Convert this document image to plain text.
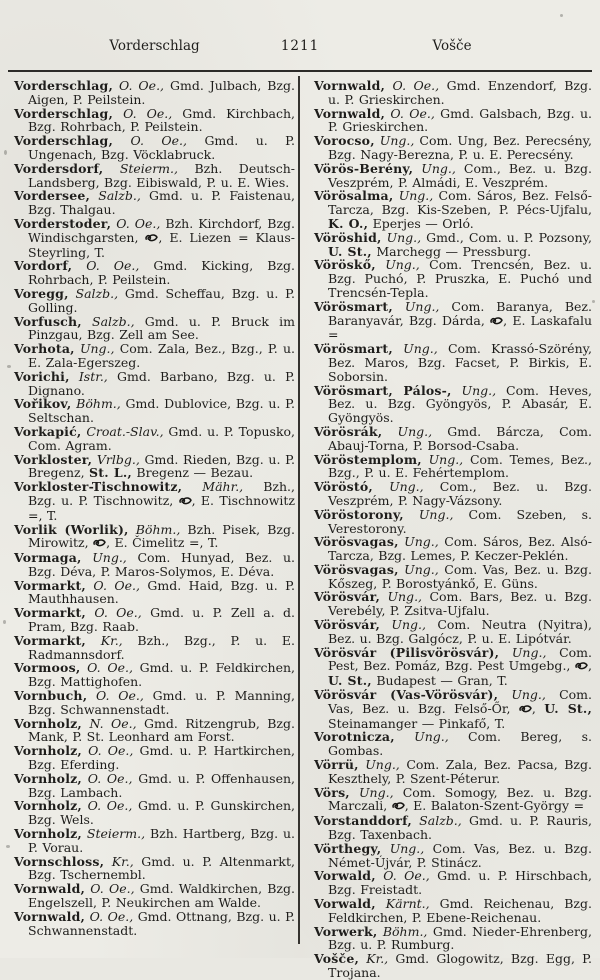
Vorderschlag	1211	Vošče
Vorderschlag, O. Oe., Gmd. Julbach, Bzg. Aigen, P. Peilstein.
Vorderschlag, O. Oe., Gmd. Kirchbach, Bzg. Rohrbach, P. Peilstein.
Vorderschlag, O. Oe., Gmd. u. P. Ungenach, Bzg. Vöcklabruck.
Vordersdorf, Steierm., Bzh. Deutsch-Landsberg, Bzg. Eibiswald, P. u. E. Wies.
Vordersee, Salzb., Gmd. u. P. Faistenau, Bzg. Thalgau.
Vorderstoder, O. Oe., Bzh. Kirchdorf, Bzg. Windischgarsten, , E. Liezen = Klaus-Steyrling, T.
Vordorf, O. Oe., Gmd. Kicking, Bzg. Rohrbach, P. Peilstein.
Voregg, Salzb., Gmd. Scheffau, Bzg. u. P. Golling.
Vorfusch, Salzb., Gmd. u. P. Bruck im Pinzgau, Bzg. Zell am See.
Vorhota, Ung., Com. Zala, Bez., Bzg., P. u. E. Zala-Egerszeg.
Vorichi, Istr., Gmd. Barbano, Bzg. u. P. Dignano.
Vořikov, Böhm., Gmd. Dublovice, Bzg. u. P. Seltschan.
Vorkapić, Croat.-Slav., Gmd. u. P. Topusko, Com. Agram.
Vorkloster, Vrlbg., Gmd. Rieden, Bzg. u. P. Bregenz, St. L., Bregenz — Bezau.
Vorkloster-Tischnowitz, Mähr., Bzh., Bzg. u. P. Tischnowitz, , E. Tischnowitz =, T.
Vorlik (Worlik), Böhm., Bzh. Pisek, Bzg. Mirowitz, , E. Čimelitz =, T.
Vormaga, Ung., Com. Hunyad, Bez. u. Bzg. Déva, P. Maros-Solymos, E. Déva.
Vormarkt, O. Oe., Gmd. Haid, Bzg. u. P. Mauthhausen.
Vormarkt, O. Oe., Gmd. u. P. Zell a. d. Pram, Bzg. Raab.
Vormarkt, Kr., Bzh., Bzg., P. u. E. Radmannsdorf.
Vormoos, O. Oe., Gmd. u. P. Feldkirchen, Bzg. Mattighofen.
Vornbuch, O. Oe., Gmd. u. P. Manning, Bzg. Schwannenstadt.
Vornholz, N. Oe., Gmd. Ritzengrub, Bzg. Mank, P. St. Leonhard am Forst.
Vornholz, O. Oe., Gmd. u. P. Hartkirchen, Bzg. Eferding.
Vornholz, O. Oe., Gmd. u. P. Offenhausen, Bzg. Lambach.
Vornholz, O. Oe., Gmd. u. P. Gunskirchen, Bzg. Wels.
Vornholz, Steierm., Bzh. Hartberg, Bzg. u. P. Vorau.
Vornschloss, Kr., Gmd. u. P. Altenmarkt, Bzg. Tschernembl.
Vornwald, O. Oe., Gmd. Waldkirchen, Bzg. Engelszell, P. Neukirchen am Walde.
Vornwald, O. Oe., Gmd. Ottnang, Bzg. u. P. Schwannenstadt.
Vornwald, O. Oe., Gmd. Enzendorf, Bzg. u. P. Grieskirchen.
Vornwald, O. Oe., Gmd. Galsbach, Bzg. u. P. Grieskirchen.
Vorocso, Ung., Com. Ung, Bez. Perecsény, Bzg. Nagy-Berezna, P. u. E. Perecsény.
Vörös-Berény, Ung., Com., Bez. u. Bzg. Veszprém, P. Almádi, E. Veszprém.
Vörösalma, Ung., Com. Sáros, Bez. Felső-Tarcza, Bzg. Kis-Szeben, P. Pécs-Ujfalu, K. O., Eperjes — Orló.
Vöröshid, Ung., Gmd., Com. u. P. Pozsony, U. St., Marchegg — Pressburg.
Vöröskő, Ung., Com. Trencsén, Bez. u. Bzg. Puchó, P. Pruszka, E. Puchó und Trencsén-Tepla.
Vörösmart, Ung., Com. Baranya, Bez. Baranyavár, Bzg. Dárda, , E. Laskafalu =
Vörösmart, Ung., Com. Krassó-Szörény, Bez. Maros, Bzg. Facset, P. Birkis, E. Soborsin.
Vörösmart, Pálos-, Ung., Com. Heves, Bez. u. Bzg. Gyöngyös, P. Abasár, E. Gyöngyös.
Vörösrák, Ung., Gmd. Bárcza, Com. Abauj-Torna, P. Borsod-Csaba.
Vöröstemplom, Ung., Com. Temes, Bez., Bzg., P. u. E. Fehértemplom.
Vöröstó, Ung., Com., Bez. u. Bzg. Veszprém, P. Nagy-Vázsony.
Vöröstorony, Ung., Com. Szeben, s. Verestorony.
Vörösvagas, Ung., Com. Sáros, Bez. Alsó-Tarcza, Bzg. Lemes, P. Keczer-Peklén.
Vörösvagas, Ung., Com. Vas, Bez. u. Bzg. Kőszeg, P. Borostyánkő, E. Güns.
Vörösvár, Ung., Com. Bars, Bez. u. Bzg. Verebély, P. Zsitva-Ujfalu.
Vörösvár, Ung., Com. Neutra (Nyitra), Bez. u. Bzg. Galgócz, P. u. E. Lipótvár.
Vörösvár (Pilisvörösvár), Ung., Com. Pest, Bez. Pomáz, Bzg. Pest Umgebg., , U. St., Budapest — Gran, T.
Vörösvár (Vas-Vörösvár), Ung., Com. Vas, Bez. u. Bzg. Felső-Őr, , U. St., Steinamanger — Pinkafő, T.
Vorotnicza, Ung., Com. Bereg, s. Gombas.
Vörrü, Ung., Com. Zala, Bez. Pacsa, Bzg. Keszthely, P. Szent-Péterur.
Vörs, Ung., Com. Somogy, Bez. u. Bzg. Marczali, , E. Balaton-Szent-György =
Vorstanddorf, Salzb., Gmd. u. P. Rauris, Bzg. Taxenbach.
Vörthegy, Ung., Com. Vas, Bez. u. Bzg. Német-Újvár, P. Stinácz.
Vorwald, O. Oe., Gmd. u. P. Hirschbach, Bzg. Freistadt.
Vorwald, Kärnt., Gmd. Reichenau, Bzg. Feldkirchen, P. Ebene-Reichenau.
Vorwerk, Böhm., Gmd. Nieder-Ehrenberg, Bzg. u. P. Rumburg.
Vošče, Kr., Gmd. Glogowitz, Bzg. Egg, P. Trojana.
